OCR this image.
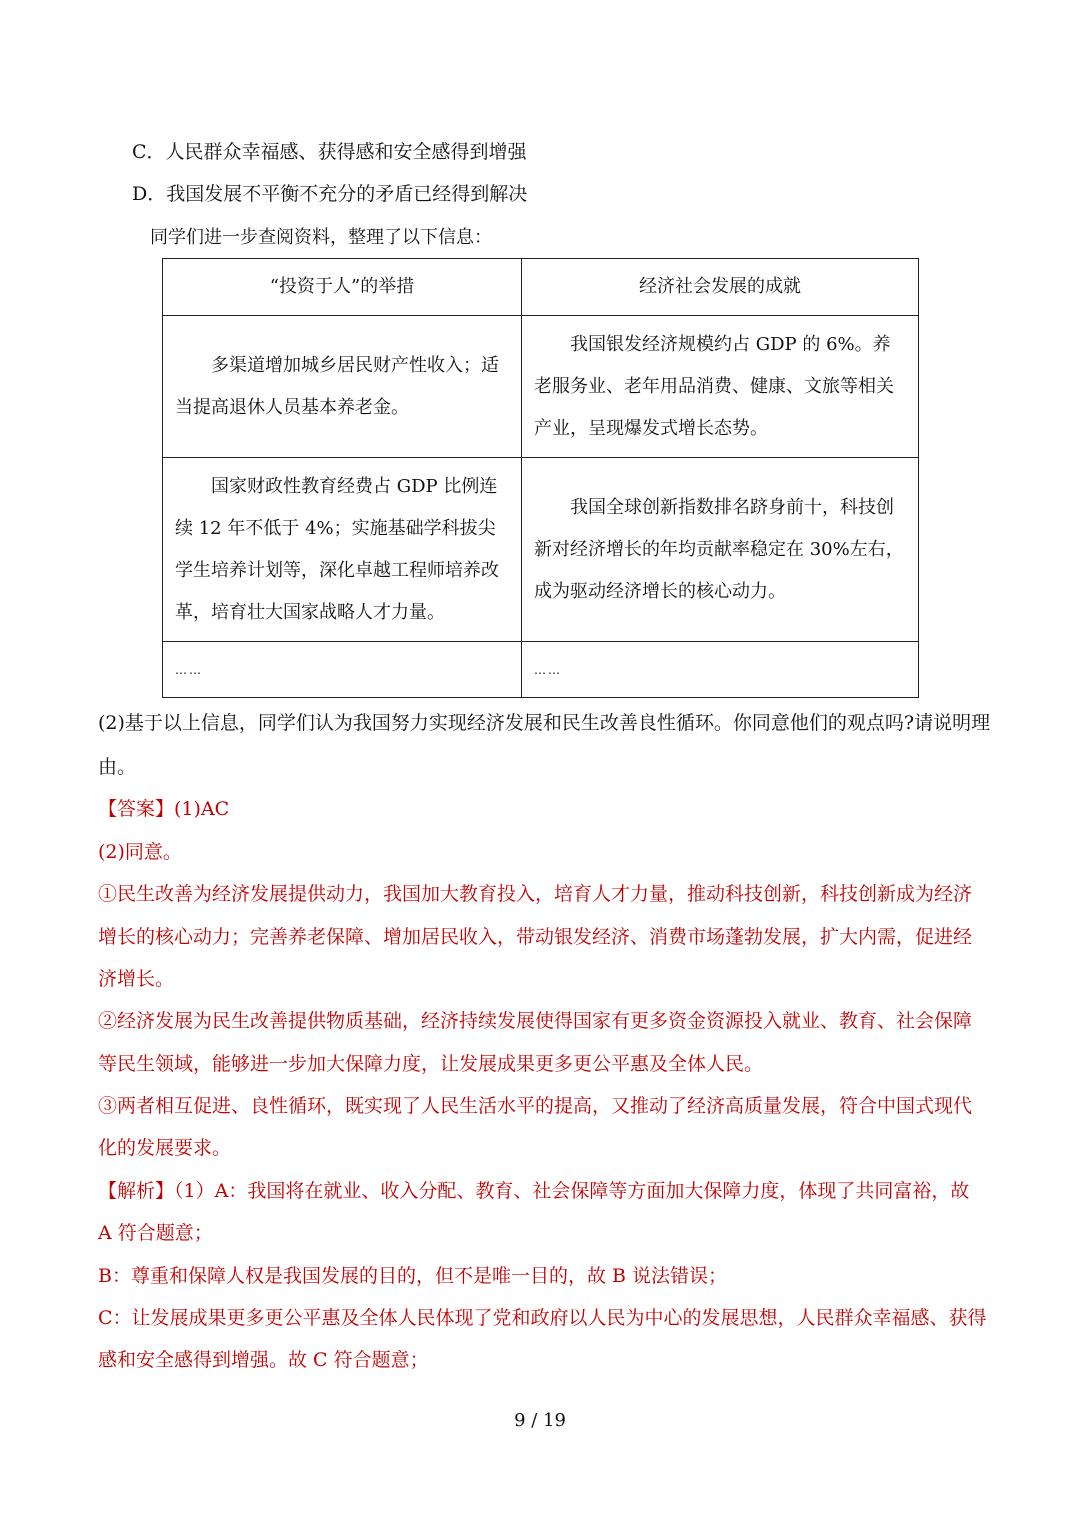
C．人民群众幸福感、获得感和安全感得到增强
D．我国发展不平衡不充分的矛盾已经得到解决
同学们进一步查阅资料，整理了以下信息：
“投资于人”的举措	经济社会发展的成就

多渠道增加城乡居民财产性收入；适当提高退休人员基本养老金。	我国银发经济规模约占 GDP 的 6%。养老服务业、老年用品消费、健康、文旅等相关产业，呈现爆发式增长态势。

国家财政性教育经费占 GDP 比例连续 12 年不低于 4%；实施基础学科拔尖学生培养计划等，深化卓越工程师培养改革，培育壮大国家战略人才力量。	我国全球创新指数排名跻身前十，科技创新对经济增长的年均贡献率稳定在 30%左右，成为驱动经济增长的核心动力。

……	……
(2)基于以上信息，同学们认为我国努力实现经济发展和民生改善良性循环。你同意他们的观点吗?请说明理
由。
【答案】(1)AC
(2)同意。
①民生改善为经济发展提供动力，我国加大教育投入，培育人才力量，推动科技创新，科技创新成为经济
增长的核心动力；完善养老保障、增加居民收入，带动银发经济、消费市场蓬勃发展，扩大内需，促进经
济增长。
②经济发展为民生改善提供物质基础，经济持续发展使得国家有更多资金资源投入就业、教育、社会保障
等民生领域，能够进一步加大保障力度，让发展成果更多更公平惠及全体人民。
③两者相互促进、良性循环，既实现了人民生活水平的提高，又推动了经济高质量发展，符合中国式现代
化的发展要求。
【解析】（1）A：我国将在就业、收入分配、教育、社会保障等方面加大保障力度，体现了共同富裕，故
A 符合题意；
B：尊重和保障人权是我国发展的目的，但不是唯一目的，故 B 说法错误；
C：让发展成果更多更公平惠及全体人民体现了党和政府以人民为中心的发展思想，人民群众幸福感、获得
感和安全感得到增强。故 C 符合题意；
9 / 19
